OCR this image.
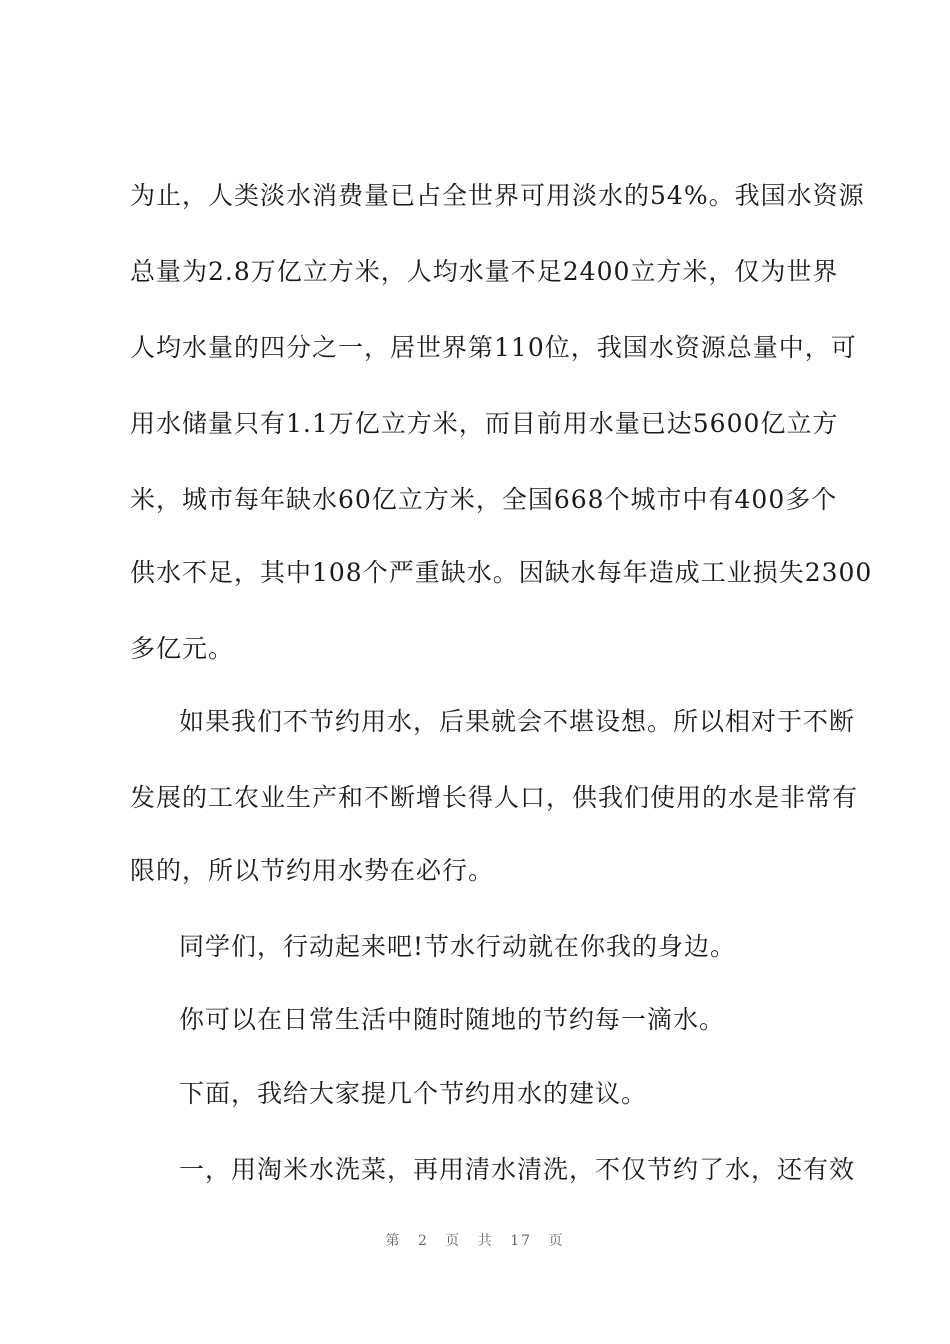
为止，人类淡水消费量已占全世界可用淡水的54%。我国水资源
总量为2.8万亿立方米，人均水量不足2400立方米，仅为世界
人均水量的四分之一，居世界第110位，我国水资源总量中，可
用水储量只有1.1万亿立方米，而目前用水量已达5600亿立方
米，城市每年缺水60亿立方米，全国668个城市中有400多个
供水不足，其中108个严重缺水。因缺水每年造成工业损失2300
多亿元。
如果我们不节约用水，后果就会不堪设想。所以相对于不断
发展的工农业生产和不断增长得人口，供我们使用的水是非常有
限的，所以节约用水势在必行。
同学们，行动起来吧!节水行动就在你我的身边。
你可以在日常生活中随时随地的节约每一滴水。
下面，我给大家提几个节约用水的建议。
一，用淘米水洗菜，再用清水清洗，不仅节约了水，还有效
第 2 页 共 17 页
